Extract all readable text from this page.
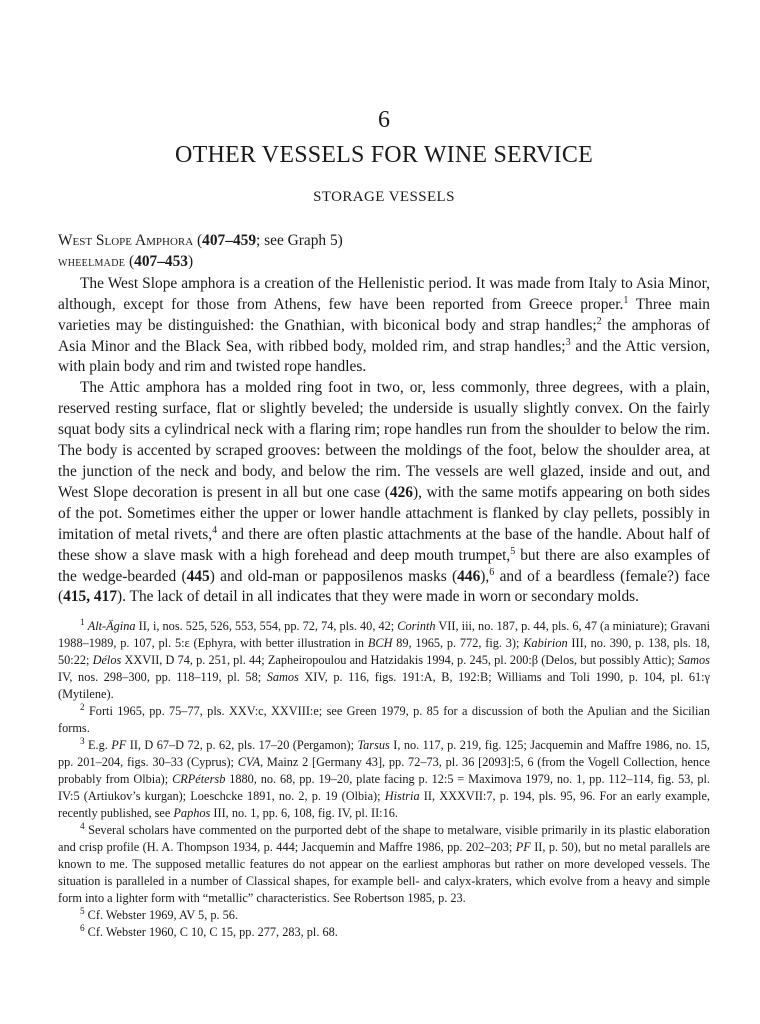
6
OTHER VESSELS FOR WINE SERVICE
STORAGE VESSELS

West Slope Amphora (407–459; see Graph 5)

wheelmade (407–453)

The West Slope amphora is a creation of the Hellenistic period. It was made from Italy to Asia Minor, although, except for those from Athens, few have been reported from Greece proper.$^1$ Three main varieties may be distinguished: the Gnathian, with biconical body and strap handles;$^2$ the amphoras of Asia Minor and the Black Sea, with ribbed body, molded rim, and strap handles;$^3$ and the Attic version, with plain body and rim and twisted rope handles.

The Attic amphora has a molded ring foot in two, or, less commonly, three degrees, with a plain, reserved resting surface, flat or slightly beveled; the underside is usually slightly convex. On the fairly squat body sits a cylindrical neck with a flaring rim; rope handles run from the shoulder to below the rim. The body is accented by scraped grooves: between the moldings of the foot, below the shoulder area, at the junction of the neck and body, and below the rim. The vessels are well glazed, inside and out, and West Slope decoration is present in all but one case (426), with the same motifs appearing on both sides of the pot. Sometimes either the upper or lower handle attachment is flanked by clay pellets, possibly in imitation of metal rivets,$^4$ and there are often plastic attachments at the base of the handle. About half of these show a slave mask with a high forehead and deep mouth trumpet,$^5$ but there are also examples of the wedge-bearded (445) and old-man or papposilenos masks (446),$^6$ and of a beardless (female?) face (415, 417). The lack of detail in all indicates that they were made in worn or secondary molds.

$^1$ Alt-Ägina II, i, nos. 525, 526, 553, 554, pp. 72, 74, pls. 40, 42; Corinth VII, iii, no. 187, p. 44, pls. 6, 47 (a miniature); Gravani 1988–1989, p. 107, pl. 5:ε (Ephyra, with better illustration in BCH 89, 1965, p. 772, fig. 3); Kabirion III, no. 390, p. 138, pls. 18, 50:22; Délos XXVII, D 74, p. 251, pl. 44; Zapheiropoulou and Hatzidakis 1994, p. 245, pl. 200:β (Delos, but possibly Attic); Samos IV, nos. 298–300, pp. 118–119, pl. 58; Samos XIV, p. 116, figs. 191:A, B, 192:B; Williams and Toli 1990, p. 104, pl. 61:γ (Mytilene).

$^2$ Forti 1965, pp. 75–77, pls. XXV:c, XXVIII:e; see Green 1979, p. 85 for a discussion of both the Apulian and the Sicilian forms.

$^3$ E.g. PF II, D 67–D 72, p. 62, pls. 17–20 (Pergamon); Tarsus I, no. 117, p. 219, fig. 125; Jacquemin and Maffre 1986, no. 15, pp. 201–204, figs. 30–33 (Cyprus); CVA, Mainz 2 [Germany 43], pp. 72–73, pl. 36 [2093]:5, 6 (from the Vogell Collection, hence probably from Olbia); CRPétersb 1880, no. 68, pp. 19–20, plate facing p. 12:5 = Maximova 1979, no. 1, pp. 112–114, fig. 53, pl. IV:5 (Artiukov’s kurgan); Loeschcke 1891, no. 2, p. 19 (Olbia); Histria II, XXXVII:7, p. 194, pls. 95, 96. For an early example, recently published, see Paphos III, no. 1, pp. 6, 108, fig. IV, pl. II:16.

$^4$ Several scholars have commented on the purported debt of the shape to metalware, visible primarily in its plastic elaboration and crisp profile (H. A. Thompson 1934, p. 444; Jacquemin and Maffre 1986, pp. 202–203; PF II, p. 50), but no metal parallels are known to me. The supposed metallic features do not appear on the earliest amphoras but rather on more developed vessels. The situation is paralleled in a number of Classical shapes, for example bell- and calyx-kraters, which evolve from a heavy and simple form into a lighter form with “metallic” characteristics. See Robertson 1985, p. 23.

$^5$ Cf. Webster 1969, AV 5, p. 56.

$^6$ Cf. Webster 1960, C 10, C 15, pp. 277, 283, pl. 68.
